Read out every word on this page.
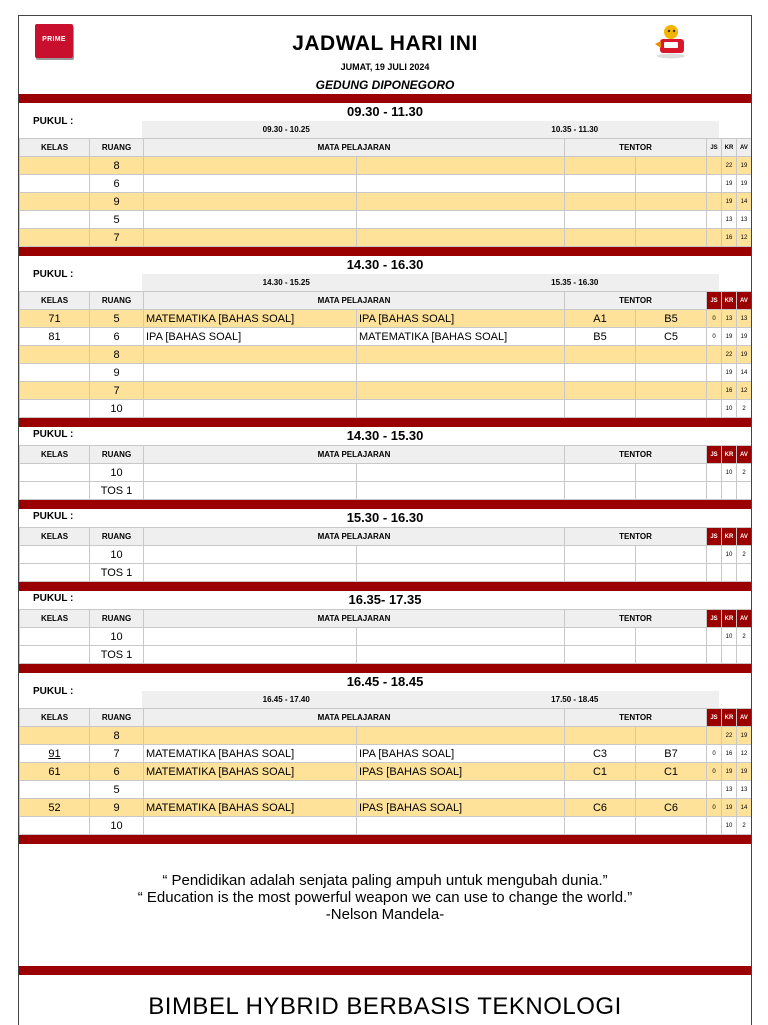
PRIME	JADWAL HARI INI
JUMAT, 19 JULI 2024
GEDUNG DIPONEGORO
PUKUL :
09.30 - 11.30
09.30 - 10.25	10.35 - 11.30
KELAS	RUANG	MATA PELAJARAN		TENTOR		JS	KR	AV
	8						22	19
	6						19	19
	9						19	14
	5						13	13
	7						16	12
PUKUL :
14.30 - 16.30
14.30 - 15.25	15.35 - 16.30
KELAS	RUANG	MATA PELAJARAN		TENTOR		JS	KR	AV
71	5	MATEMATIKA [BAHAS SOAL]	IPA [BAHAS SOAL]	A1	B5	0	13	13
81	6	IPA [BAHAS SOAL]	MATEMATIKA [BAHAS SOAL]	B5	C5	0	19	19
	8						22	19
	9						19	14
	7						16	12
	10						10	2
PUKUL :	14.30 - 15.30
KELAS	RUANG	MATA PELAJARAN		TENTOR		JS	KR	AV
	10						10	2
	TOS 1							
PUKUL :	15.30 - 16.30
KELAS	RUANG	MATA PELAJARAN		TENTOR		JS	KR	AV
	10						10	2
	TOS 1							
PUKUL :	16.35- 17.35
KELAS	RUANG	MATA PELAJARAN		TENTOR		JS	KR	AV
	10						10	2
	TOS 1							
PUKUL :
16.45 - 18.45
16.45 - 17.40	17.50 - 18.45
KELAS	RUANG	MATA PELAJARAN		TENTOR		JS	KR	AV
	8						22	19
91	7	MATEMATIKA [BAHAS SOAL]	IPA [BAHAS SOAL]	C3	B7	0	16	12
61	6	MATEMATIKA [BAHAS SOAL]	IPAS [BAHAS SOAL]	C1	C1	0	19	19
	5						13	13
52	9	MATEMATIKA [BAHAS SOAL]	IPAS [BAHAS SOAL]	C6	C6	0	19	14
	10						10	2
“ Pendidikan adalah senjata paling ampuh untuk mengubah dunia.”
“ Education is the most powerful weapon we can use to change the world.”
-Nelson Mandela-
BIMBEL HYBRID BERBASIS TEKNOLOGI
